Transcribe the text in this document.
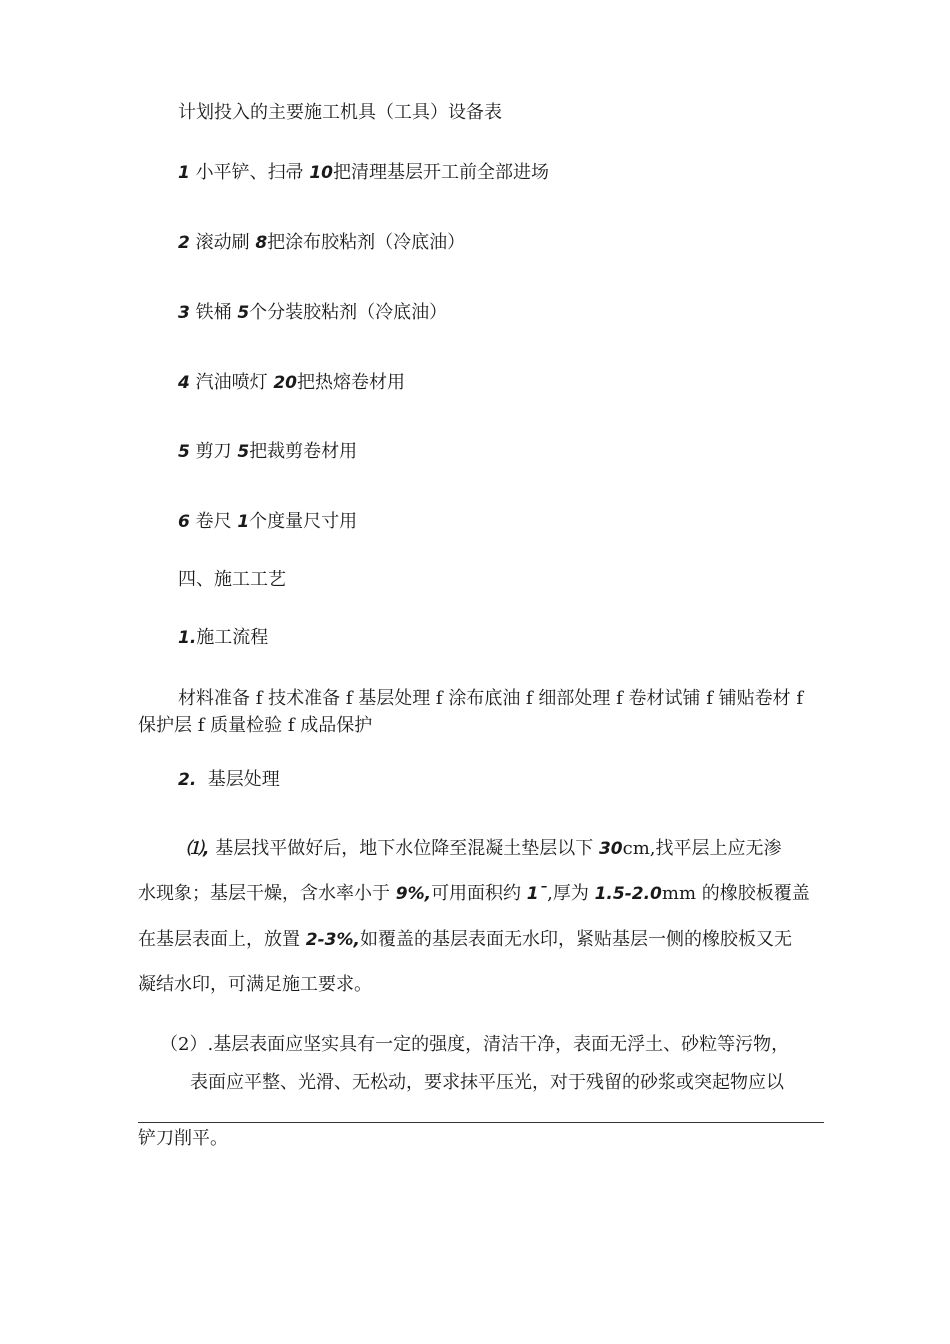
计划投入的主要施工机具（工具）设备表
1 小平铲、扫帚 10把清理基层开工前全部进场
2 滚动刷 8把涂布胶粘剂（冷底油）
3 铁桶 5个分装胶粘剂（冷底油）
4 汽油喷灯 20把热熔卷材用
5 剪刀 5把裁剪卷材用
6 卷尺 1个度量尺寸用
四、施工工艺
1.施工流程
材料准备 f 技术准备 f 基层处理 f 涂布底油 f 细部处理 f 卷材试铺 f 铺贴卷材 f
保护层 f 质量检验 f 成品保护
2. 基层处理
⑴, 基层找平做好后，地下水位降至混凝土垫层以下 30cm,找平层上应无渗
水现象；基层干燥，含水率小于 9%,可用面积约 1¯,厚为 1.5-2.0mm 的橡胶板覆盖
在基层表面上，放置 2-3%,如覆盖的基层表面无水印，紧贴基层一侧的橡胶板又无
凝结水印，可满足施工要求。
（2）.基层表面应坚实具有一定的强度，清洁干净，表面无浮土、砂粒等污物，
表面应平整、光滑、无松动，要求抹平压光，对于残留的砂浆或突起物应以
铲刀削平。
